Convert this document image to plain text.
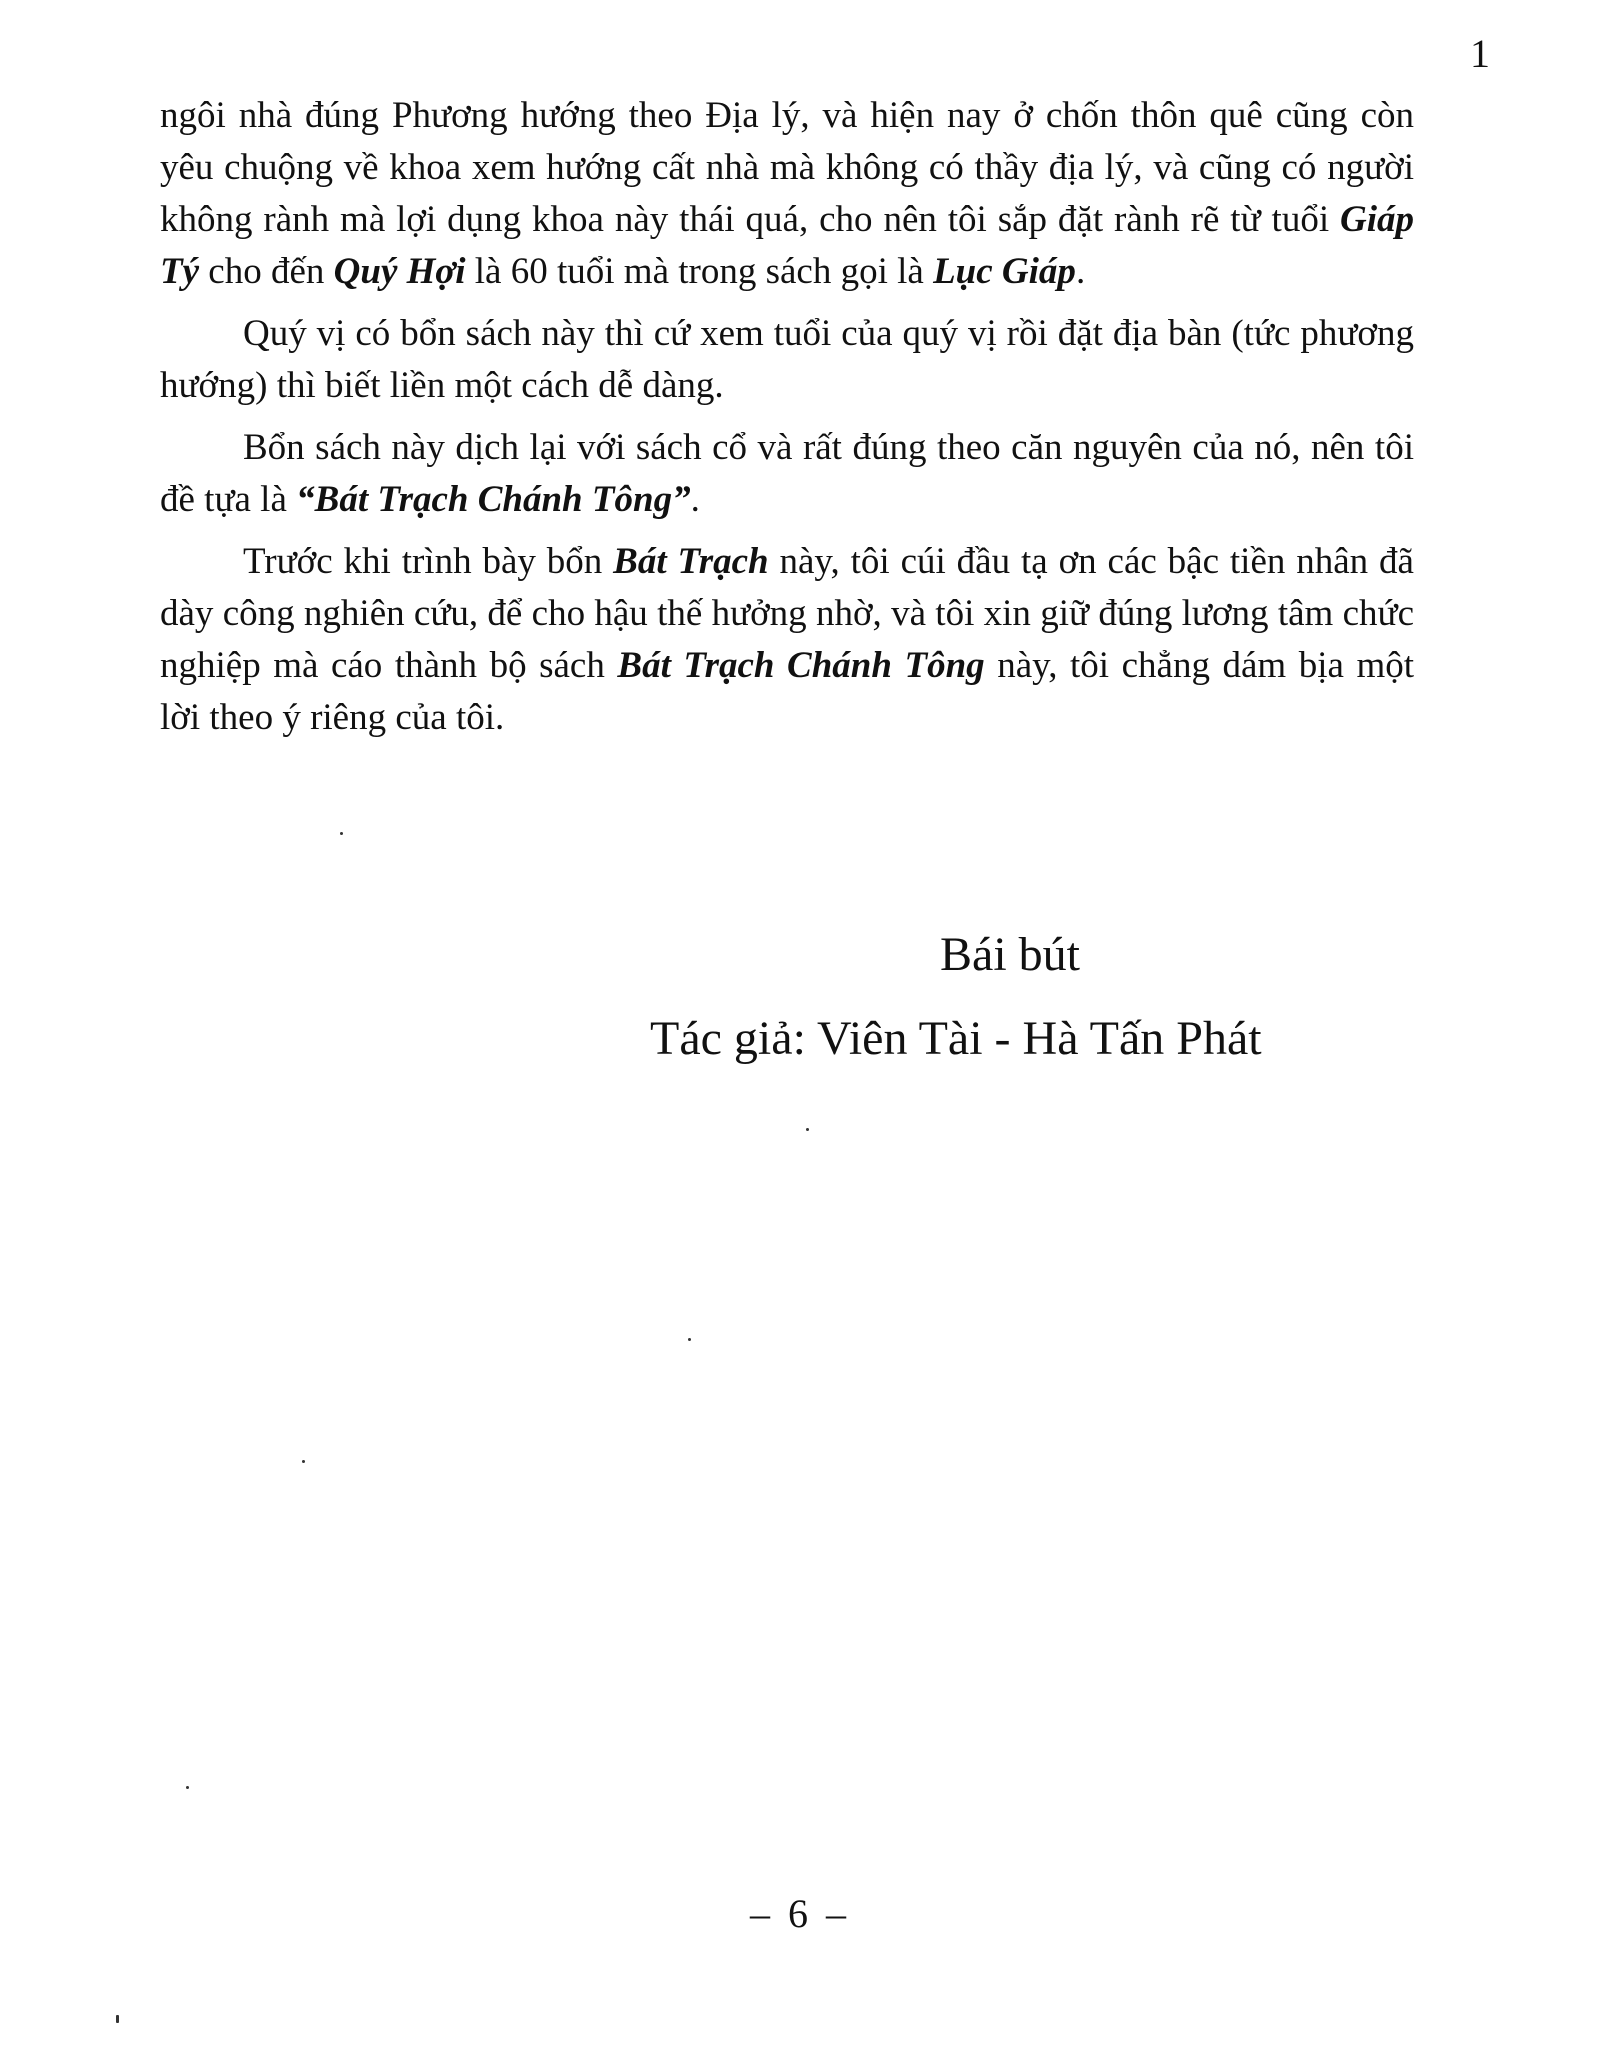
1

ngôi nhà đúng Phương hướng theo Địa lý, và hiện nay ở chốn thôn quê cũng còn yêu chuộng về khoa xem hướng cất nhà mà không có thầy địa lý, và cũng có người không rành mà lợi dụng khoa này thái quá, cho nên tôi sắp đặt rành rẽ từ tuổi Giáp Tý cho đến Quý Hợi là 60 tuổi mà trong sách gọi là Lục Giáp.

Quý vị có bổn sách này thì cứ xem tuổi của quý vị rồi đặt địa bàn (tức phương hướng) thì biết liền một cách dễ dàng.

Bổn sách này dịch lại với sách cổ và rất đúng theo căn nguyên của nó, nên tôi đề tựa là “Bát Trạch Chánh Tông”.

Trước khi trình bày bổn Bát Trạch này, tôi cúi đầu tạ ơn các bậc tiền nhân đã dày công nghiên cứu, để cho hậu thế hưởng nhờ, và tôi xin giữ đúng lương tâm chức nghiệp mà cáo thành bộ sách Bát Trạch Chánh Tông này, tôi chẳng dám bịa một lời theo ý riêng của tôi.

Bái bút
Tác giả: Viên Tài - Hà Tấn Phát
– 6 –
